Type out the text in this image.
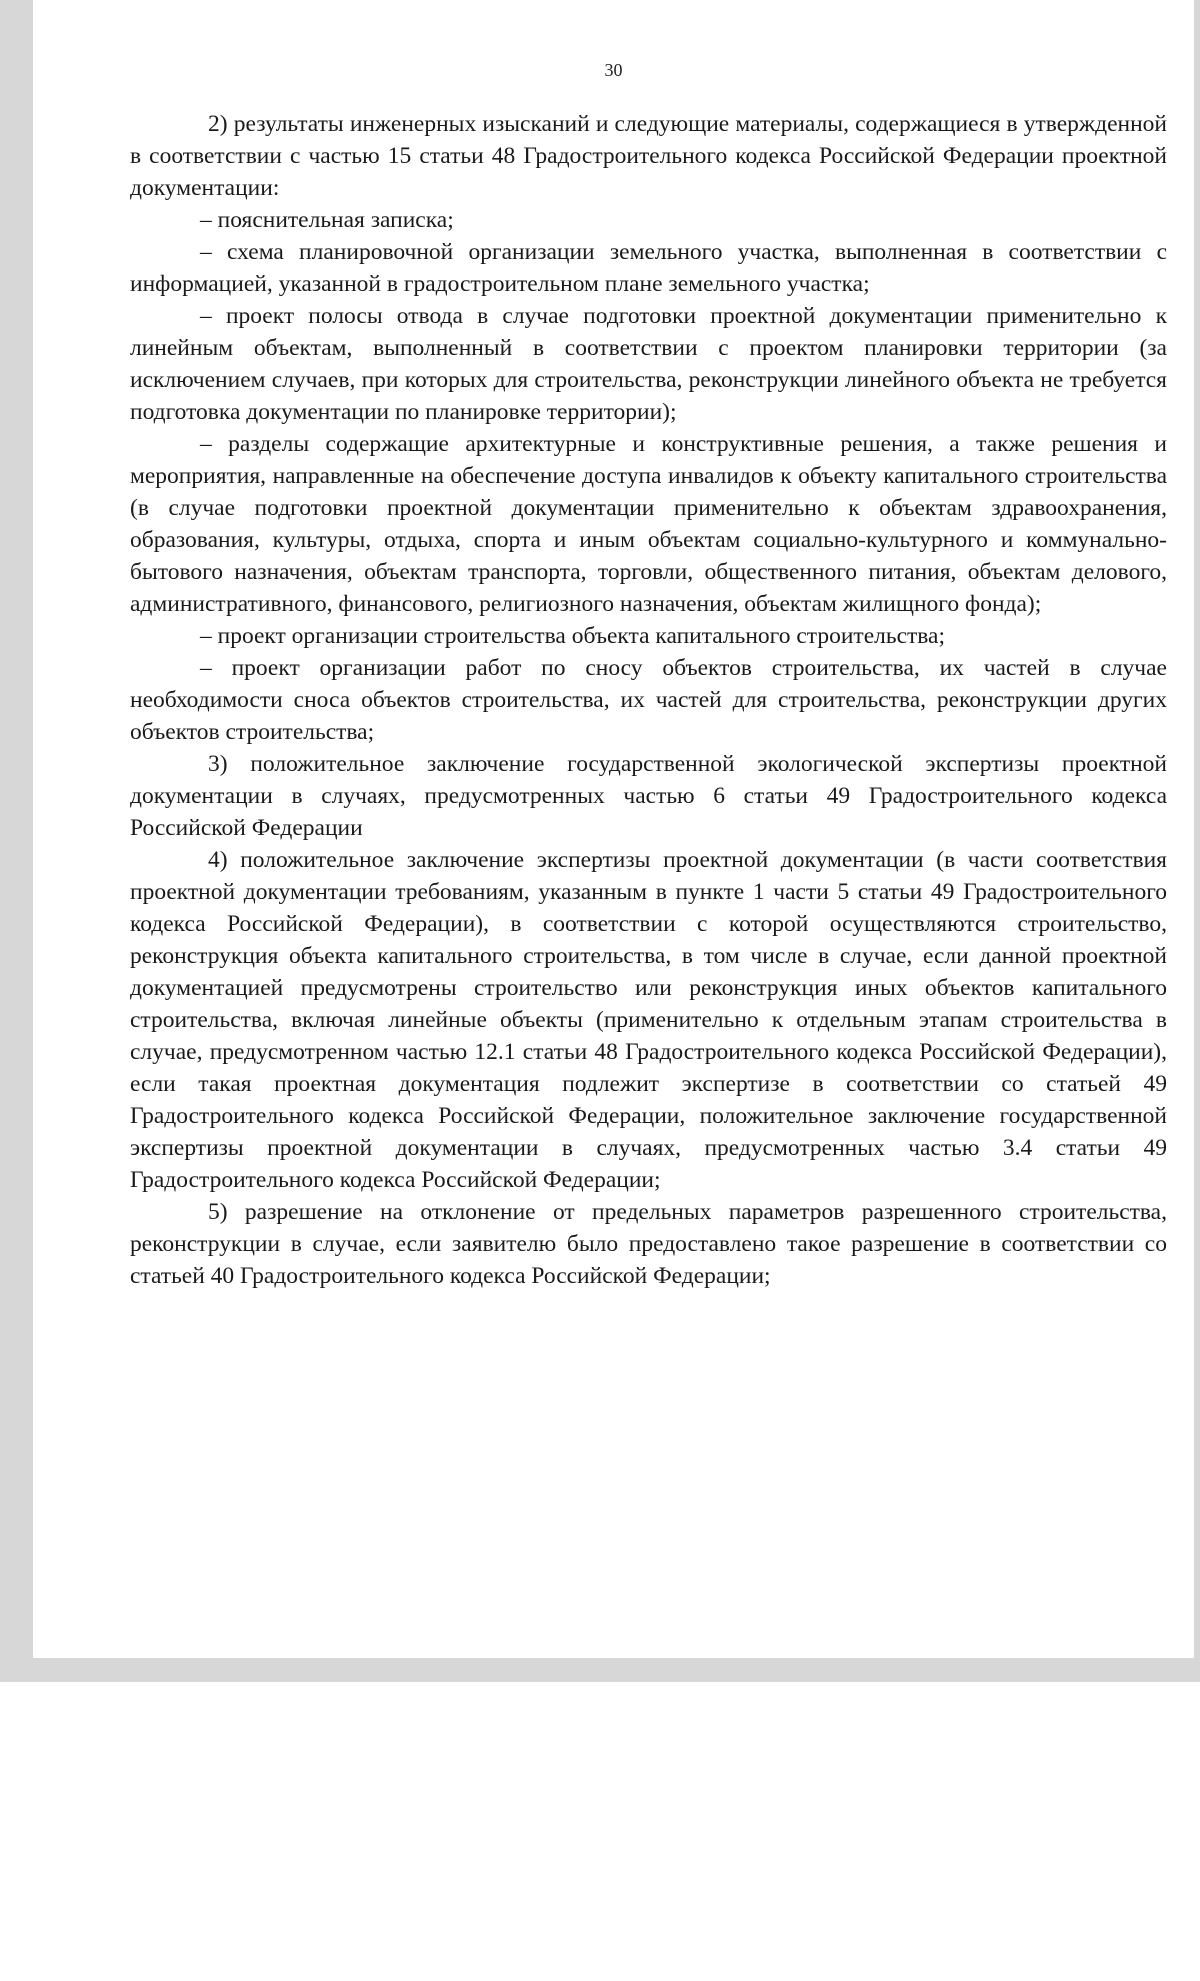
30

2) результаты инженерных изысканий и следующие материалы, содержащиеся в утвержденной в соответствии с частью 15 статьи 48 Градостроительного кодекса Российской Федерации проектной документации:

– пояснительная записка;

– схема планировочной организации земельного участка, выполненная в соответствии с информацией, указанной в градостроительном плане земельного участка;

– проект полосы отвода в случае подготовки проектной документации применительно к линейным объектам, выполненный в соответствии с проектом планировки территории (за исключением случаев, при которых для строительства, реконструкции линейного объекта не требуется подготовка документации по планировке территории);

– разделы содержащие архитектурные и конструктивные решения, а также решения и мероприятия, направленные на обеспечение доступа инвалидов к объекту капитального строительства (в случае подготовки проектной документации применительно к объектам здравоохранения, образования, культуры, отдыха, спорта и иным объектам социально-культурного и коммунально-бытового назначения, объектам транспорта, торговли, общественного питания, объектам делового, административного, финансового, религиозного назначения, объектам жилищного фонда);

– проект организации строительства объекта капитального строительства;

– проект организации работ по сносу объектов строительства, их частей в случае необходимости сноса объектов строительства, их частей для строительства, реконструкции других объектов строительства;

3) положительное заключение государственной экологической экспертизы проектной документации в случаях, предусмотренных частью 6 статьи 49 Градостроительного кодекса Российской Федерации

4) положительное заключение экспертизы проектной документации (в части соответствия проектной документации требованиям, указанным в пункте 1 части 5 статьи 49 Градостроительного кодекса Российской Федерации), в соответствии с которой осуществляются строительство, реконструкция объекта капитального строительства, в том числе в случае, если данной проектной документацией предусмотрены строительство или реконструкция иных объектов капитального строительства, включая линейные объекты (применительно к отдельным этапам строительства в случае, предусмотренном частью 12.1 статьи 48 Градостроительного кодекса Российской Федерации), если такая проектная документация подлежит экспертизе в соответствии со статьей 49 Градостроительного кодекса Российской Федерации, положительное заключение государственной экспертизы проектной документации в случаях, предусмотренных частью 3.4 статьи 49 Градостроительного кодекса Российской Федерации;

5) разрешение на отклонение от предельных параметров разрешенного строительства, реконструкции в случае, если заявителю было предоставлено такое разрешение в соответствии со статьей 40 Градостроительного кодекса Российской Федерации;
